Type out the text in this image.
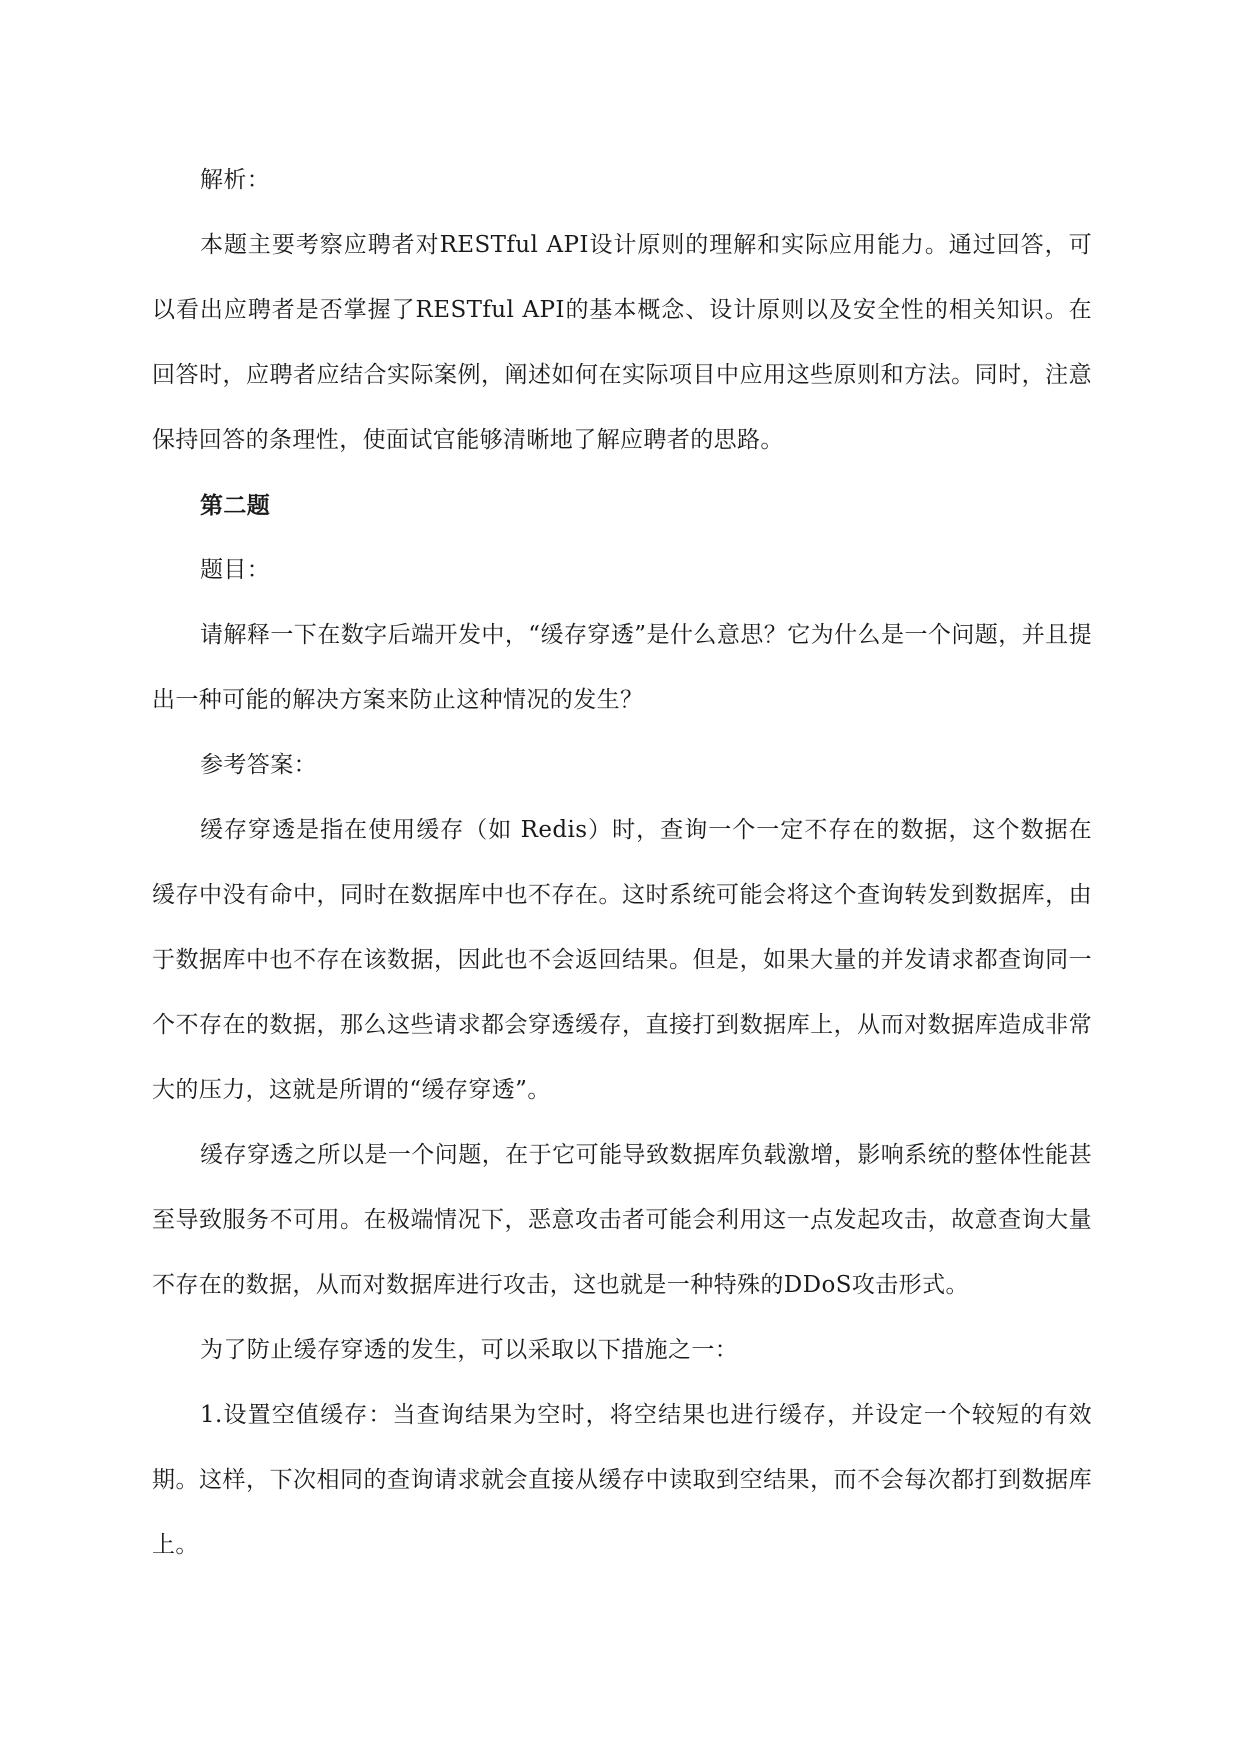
解析：

本题主要考察应聘者对RESTful API设计原则的理解和实际应用能力。通过回答，可以看出应聘者是否掌握了RESTful API的基本概念、设计原则以及安全性的相关知识。在回答时，应聘者应结合实际案例，阐述如何在实际项目中应用这些原则和方法。同时，注意保持回答的条理性，使面试官能够清晰地了解应聘者的思路。

第二题

题目：

请解释一下在数字后端开发中，“缓存穿透”是什么意思？它为什么是一个问题，并且提出一种可能的解决方案来防止这种情况的发生？

参考答案：

缓存穿透是指在使用缓存（如 Redis）时，查询一个一定不存在的数据，这个数据在缓存中没有命中，同时在数据库中也不存在。这时系统可能会将这个查询转发到数据库，由于数据库中也不存在该数据，因此也不会返回结果。但是，如果大量的并发请求都查询同一个不存在的数据，那么这些请求都会穿透缓存，直接打到数据库上，从而对数据库造成非常大的压力，这就是所谓的“缓存穿透”。

缓存穿透之所以是一个问题，在于它可能导致数据库负载激增，影响系统的整体性能甚至导致服务不可用。在极端情况下，恶意攻击者可能会利用这一点发起攻击，故意查询大量不存在的数据，从而对数据库进行攻击，这也就是一种特殊的DDoS攻击形式。

为了防止缓存穿透的发生，可以采取以下措施之一：

1.设置空值缓存：当查询结果为空时，将空结果也进行缓存，并设定一个较短的有效期。这样，下次相同的查询请求就会直接从缓存中读取到空结果，而不会每次都打到数据库上。
